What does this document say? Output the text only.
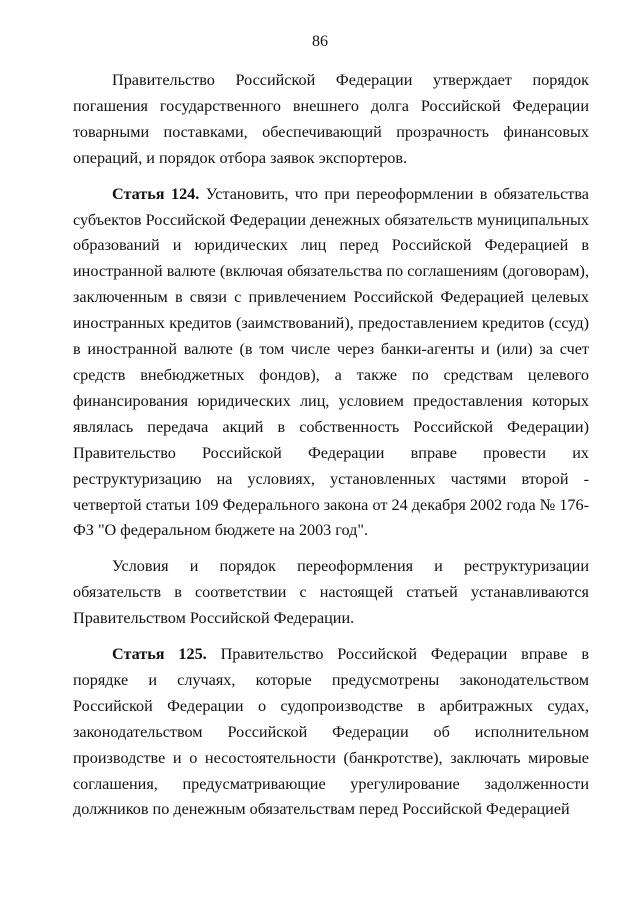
86

Правительство Российской Федерации утверждает порядок погашения государственного внешнего долга Российской Федерации товарными поставками, обеспечивающий прозрачность финансовых операций, и порядок отбора заявок экспортеров.

Статья 124. Установить, что при переоформлении в обязательства субъектов Российской Федерации денежных обязательств муниципальных образований и юридических лиц перед Российской Федерацией в иностранной валюте (включая обязательства по соглашениям (договорам), заключенным в связи с привлечением Российской Федерацией целевых иностранных кредитов (заимствований), предоставлением кредитов (ссуд) в иностранной валюте (в том числе через банки-агенты и (или) за счет средств внебюджетных фондов), а также по средствам целевого финансирования юридических лиц, условием предоставления которых являлась передача акций в собственность Российской Федерации) Правительство Российской Федерации вправе провести их реструктуризацию на условиях, установленных частями второй - четвертой статьи 109 Федерального закона от 24 декабря 2002 года № 176-ФЗ "О федеральном бюджете на 2003 год".

Условия и порядок переоформления и реструктуризации обязательств в соответствии с настоящей статьей устанавливаются Правительством Российской Федерации.

Статья 125. Правительство Российской Федерации вправе в порядке и случаях, которые предусмотрены законодательством Российской Федерации о судопроизводстве в арбитражных судах, законодательством Российской Федерации об исполнительном производстве и о несостоятельности (банкротстве), заключать мировые соглашения, предусматривающие урегулирование задолженности должников по денежным обязательствам перед Российской Федерацией
